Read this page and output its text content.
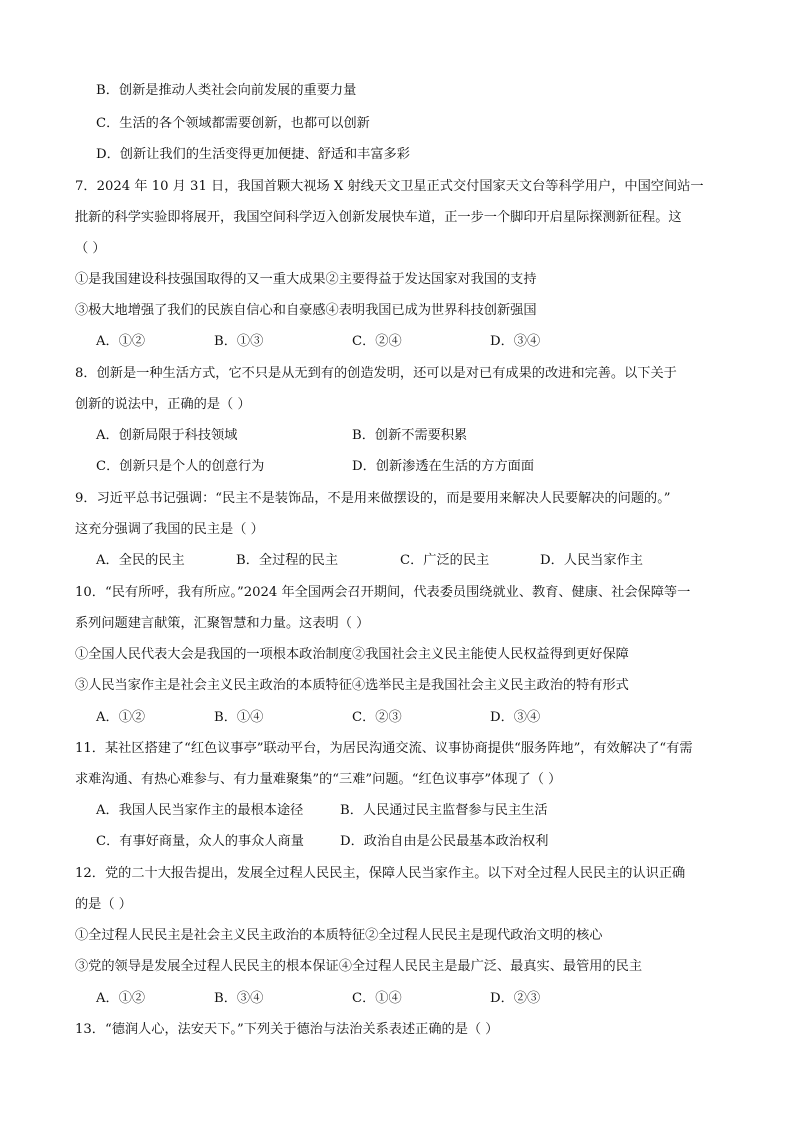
B．创新是推动人类社会向前发展的重要力量
C．生活的各个领域都需要创新，也都可以创新
D．创新让我们的生活变得更加便捷、舒适和丰富多彩
7．2024 年 10 月 31 日，我国首颗大视场 X 射线天文卫星正式交付国家天文台等科学用户，中国空间站一
批新的科学实验即将展开，我国空间科学迈入创新发展快车道，正一步一个脚印开启星际探测新征程。这
（ ）
①是我国建设科技强国取得的又一重大成果②主要得益于发达国家对我国的支持
③极大地增强了我们的民族自信心和自豪感④表明我国已成为世界科技创新强国
A．①②	B．①③	C．②④	D．③④
8．创新是一种生活方式，它不只是从无到有的创造发明，还可以是对已有成果的改进和完善。以下关于
创新的说法中，正确的是（ ）
A．创新局限于科技领域	B．创新不需要积累
C．创新只是个人的创意行为	D．创新渗透在生活的方方面面
9．习近平总书记强调：“民主不是装饰品，不是用来做摆设的，而是要用来解决人民要解决的问题的。”
这充分强调了我国的民主是（ ）
A．全民的民主	B．全过程的民主	C．广泛的民主	D．人民当家作主
10．“民有所呼，我有所应。”2024 年全国两会召开期间，代表委员围绕就业、教育、健康、社会保障等一
系列问题建言献策，汇聚智慧和力量。这表明（ ）
①全国人民代表大会是我国的一项根本政治制度②我国社会主义民主能使人民权益得到更好保障
③人民当家作主是社会主义民主政治的本质特征④选举民主是我国社会主义民主政治的特有形式
A．①②	B．①④	C．②③	D．③④
11．某社区搭建了“红色议事亭”联动平台，为居民沟通交流、议事协商提供“服务阵地”，有效解决了“有需
求难沟通、有热心难参与、有力量难聚集”的“三难”问题。“红色议事亭”体现了（ ）
A．我国人民当家作主的最根本途径	B．人民通过民主监督参与民主生活
C．有事好商量，众人的事众人商量	D．政治自由是公民最基本政治权利
12．党的二十大报告提出，发展全过程人民民主，保障人民当家作主。以下对全过程人民民主的认识正确
的是（ ）
①全过程人民民主是社会主义民主政治的本质特征②全过程人民民主是现代政治文明的核心
③党的领导是发展全过程人民民主的根本保证④全过程人民民主是最广泛、最真实、最管用的民主
A．①②	B．③④	C．①④	D．②③
13．“德润人心，法安天下。”下列关于德治与法治关系表述正确的是（ ）
